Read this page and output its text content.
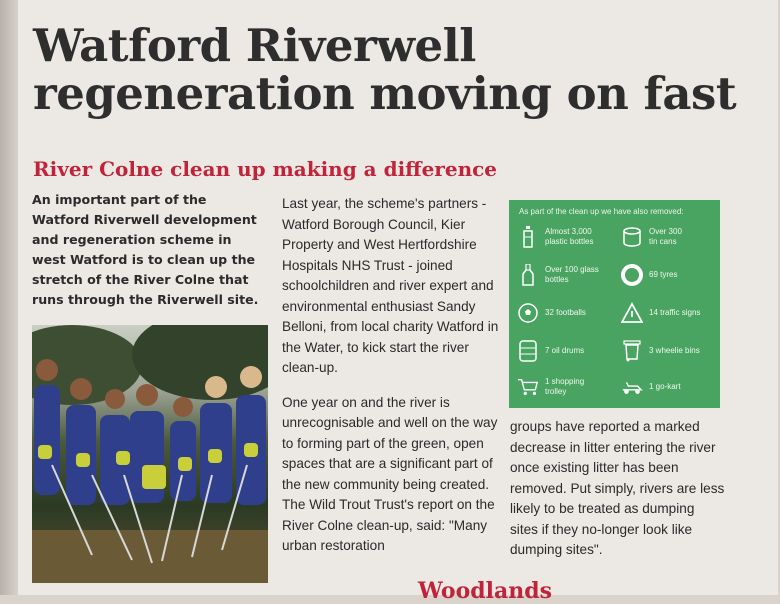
Watford Riverwell
regeneration moving on fast
River Colne clean up making a difference
An important part of the Watford Riverwell development and regeneration scheme in west Watford is to clean up the stretch of the River Colne that runs through the Riverwell site.

Last year, the scheme's partners - Watford Borough Council, Kier Property and West Hertfordshire Hospitals NHS Trust - joined schoolchildren and river expert and environmental enthusiast Sandy Belloni, from local charity Watford in the Water, to kick start the river clean-up.

One year on and the river is unrecognisable and well on the way to forming part of the green, open spaces that are a significant part of the new community being created. The Wild Trout Trust's report on the River Colne clean-up, said: "Many urban restoration

As part of the clean up we have also removed:
Almost 3,000 plastic bottles
Over 300 tin cans
Over 100 glass bottles
69 tyres
32 footballs	14 traffic signs
7 oil drums	3 wheelie bins
1 shopping trolley
1 go-kart

groups have reported a marked decrease in litter entering the river once existing litter has been removed. Put simply, rivers are less likely to be treated as dumping sites if they no-longer look like dumping sites".

Woodlands
